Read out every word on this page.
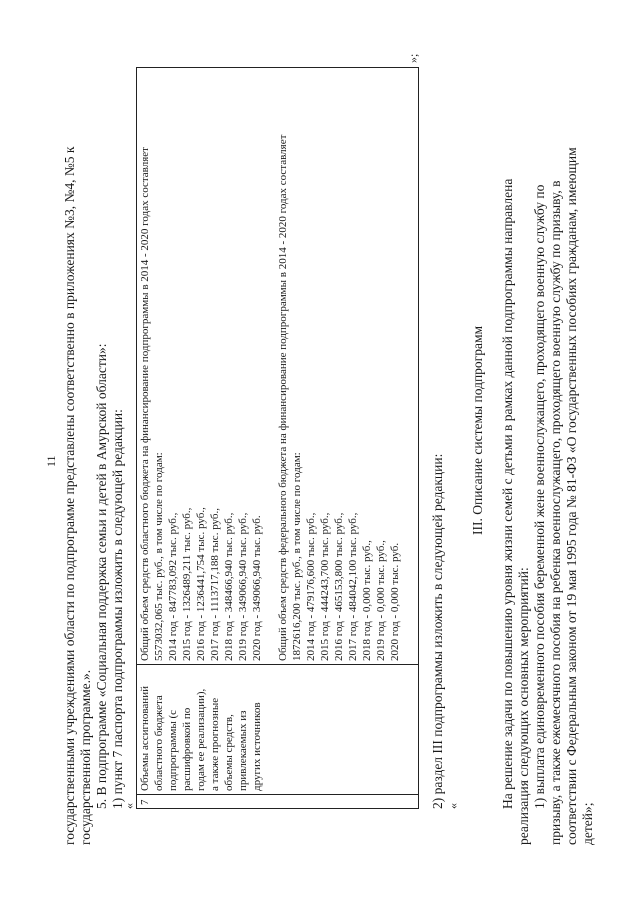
11 государственными учреждениями области по подпрограмме представлены соответственно в приложениях №3, №4, №5 к государственной программе.». 5. В подпрограмме «Социальная поддержка семьи и детей в Амурской области»: 1) пункт 7 паспорта подпрограммы изложить в следующей редакции:
«
7
Объемы ассигнований областного бюджета подпрограммы (с расшифровкой по годам ее реализации), а также прогнозные объемы средств, привлекаемых из других источников
Общий объем средств областного бюджета на финансирование подпрограммы в 2014 - 2020 годах составляет 5573032,065 тыс. руб., в том числе по годам: 2014 год - 847783,092 тыс. руб., 2015 год - 1326489,211 тыс. руб., 2016 год - 1236441,754 тыс. руб., 2017 год - 1113717,188 тыс. руб., 2018 год - 348466,940 тыс. руб., 2019 год - 349066,940 тыс. руб., 2020 год - 349066,940 тыс. руб. Общий объем средств федерального бюджета на финансирование подпрограммы в 2014 - 2020 годах составляет 1872616,200 тыс. руб., в том числе по годам: 2014 год - 479176,600 тыс. руб., 2015 год - 444243,700 тыс. руб., 2016 год - 465153,800 тыс. руб., 2017 год - 484042,100 тыс. руб., 2018 год - 0,000 тыс. руб., 2019 год - 0,000 тыс. руб., 2020 год - 0,000 тыс. руб.
»;
2) раздел III подпрограммы изложить в следующей редакции: «
III. Описание системы подпрограмм На решение задачи по повышению уровня жизни семей с детьми в рамках данной подпрограммы направлена реализация следующих основных мероприятий: 1) выплата единовременного пособия беременной жене военнослужащего, проходящего военную службу по призыву, а также ежемесячного пособия на ребенка военнослужащего, проходящего военную службу по призыву, в соответствии с Федеральным законом от 19 мая 1995 года № 81-ФЗ «О государственных пособиях гражданам, имеющим детей»;
